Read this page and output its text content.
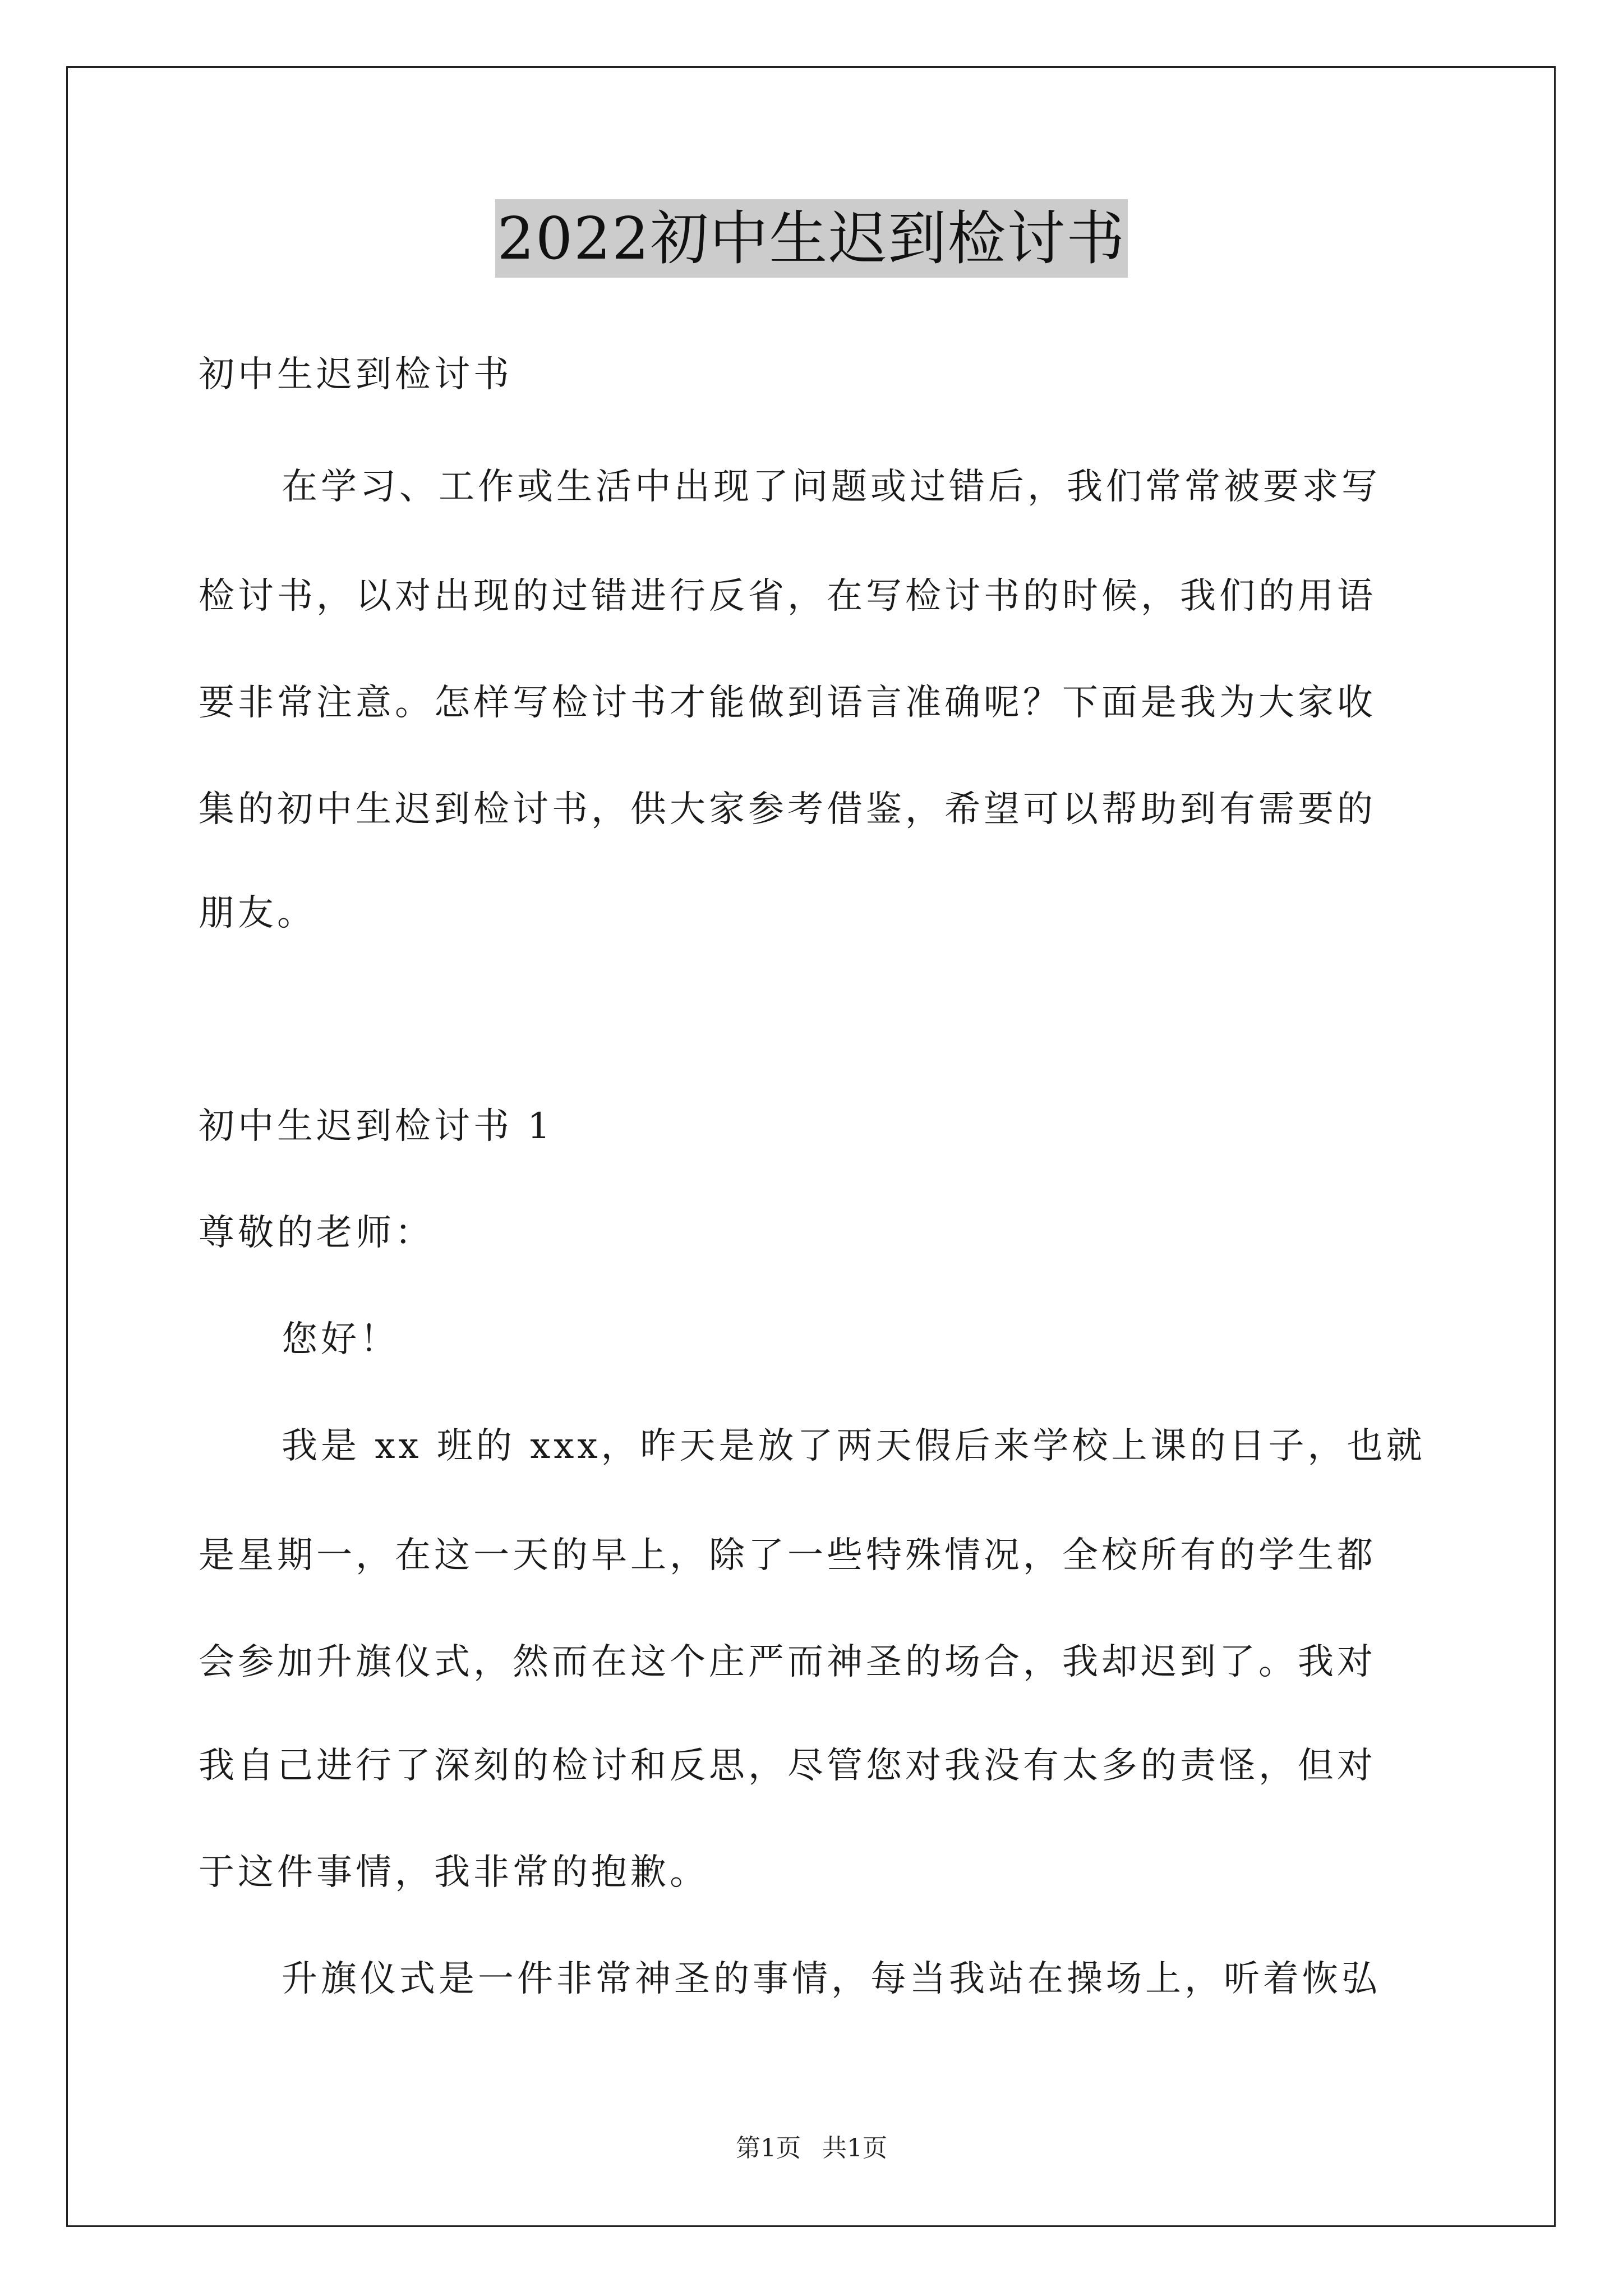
2022初中生迟到检讨书
初中生迟到检讨书
在学习、工作或生活中出现了问题或过错后，我们常常被要求写
检讨书，以对出现的过错进行反省，在写检讨书的时候，我们的用语
要非常注意。怎样写检讨书才能做到语言准确呢？下面是我为大家收
集的初中生迟到检讨书，供大家参考借鉴，希望可以帮助到有需要的
朋友。
初中生迟到检讨书 1
尊敬的老师：
您好！
我是 xx 班的 xxx，昨天是放了两天假后来学校上课的日子，也就
是星期一，在这一天的早上，除了一些特殊情况，全校所有的学生都
会参加升旗仪式，然而在这个庄严而神圣的场合，我却迟到了。我对
我自己进行了深刻的检讨和反思，尽管您对我没有太多的责怪，但对
于这件事情，我非常的抱歉。
升旗仪式是一件非常神圣的事情，每当我站在操场上，听着恢弘
第1页 共1页
